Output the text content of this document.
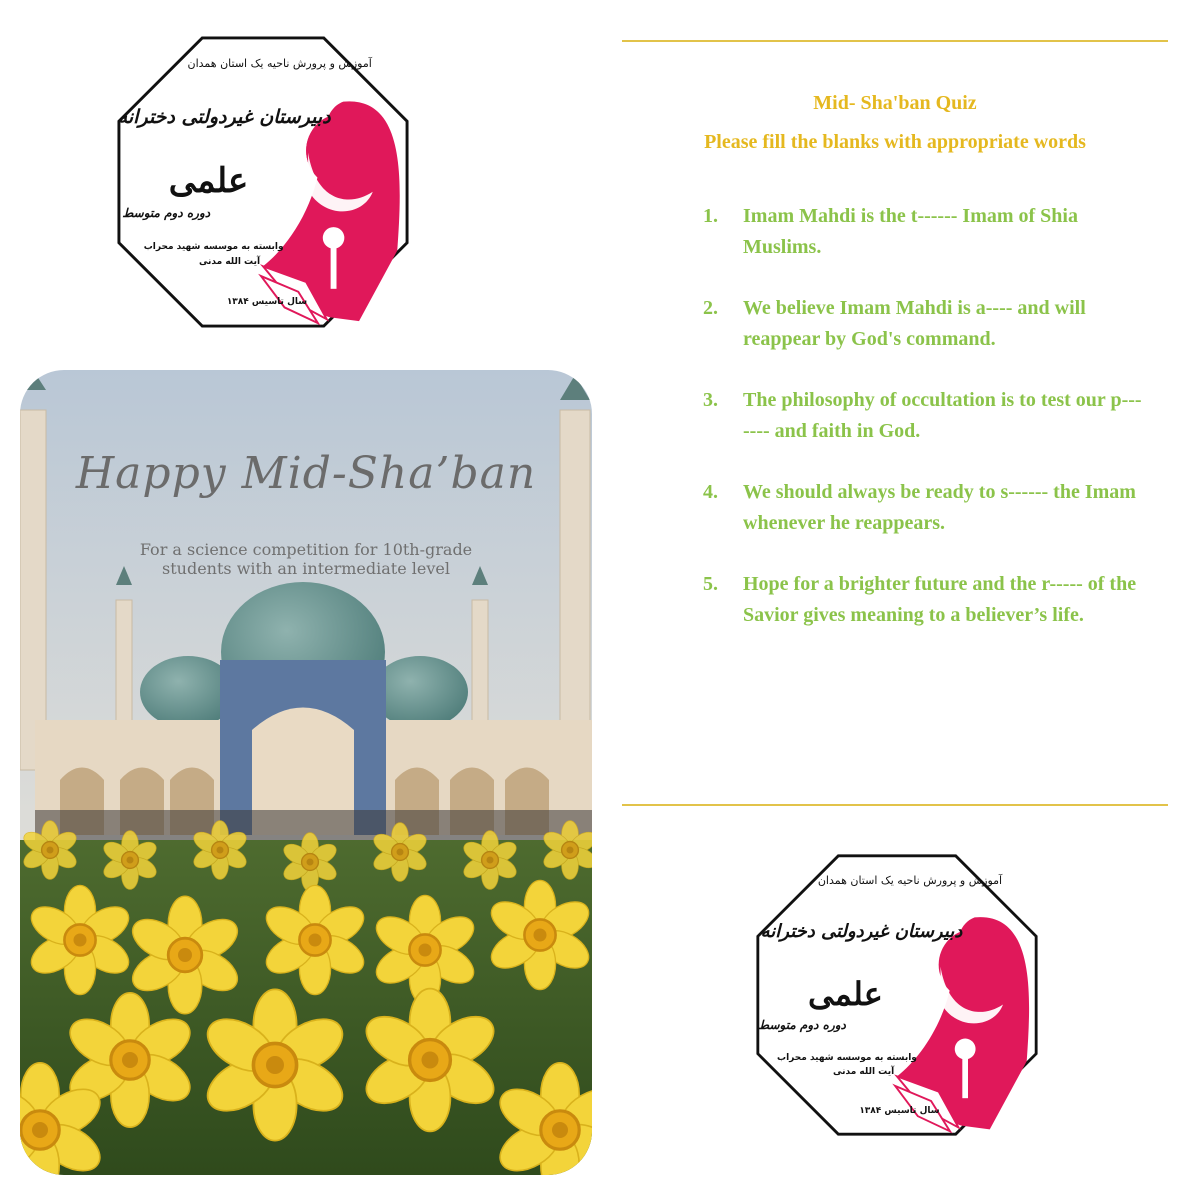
آموزش و پرورش ناحیه یک استان همدان
دبیرستان غیردولتی دخترانه
علمی
دوره دوم متوسط
وابسته به موسسه شهید محراب
آیت الله مدنی
سال تاسیس ۱۳۸۴
Happy Mid-Sha’ban
For a science competition for 10th-grade
students with an intermediate level
Mid- Sha'ban Quiz
Please fill the blanks with appropriate words
1.	Imam Mahdi is the t------ Imam of Shia Muslims.
2.	We believe Imam Mahdi is a---- and will reappear by God's command.
3.	The philosophy of occultation is to test our p------- and faith in God.
4.	We should always be ready to s------ the Imam whenever he reappears.
5.	Hope for a brighter future and the r----- of the Savior gives meaning to a believer’s life.
آموزش و پرورش ناحیه یک استان همدان
دبیرستان غیردولتی دخترانه
علمی
دوره دوم متوسط
وابسته به موسسه شهید محراب
آیت الله مدنی
سال تاسیس ۱۳۸۴
